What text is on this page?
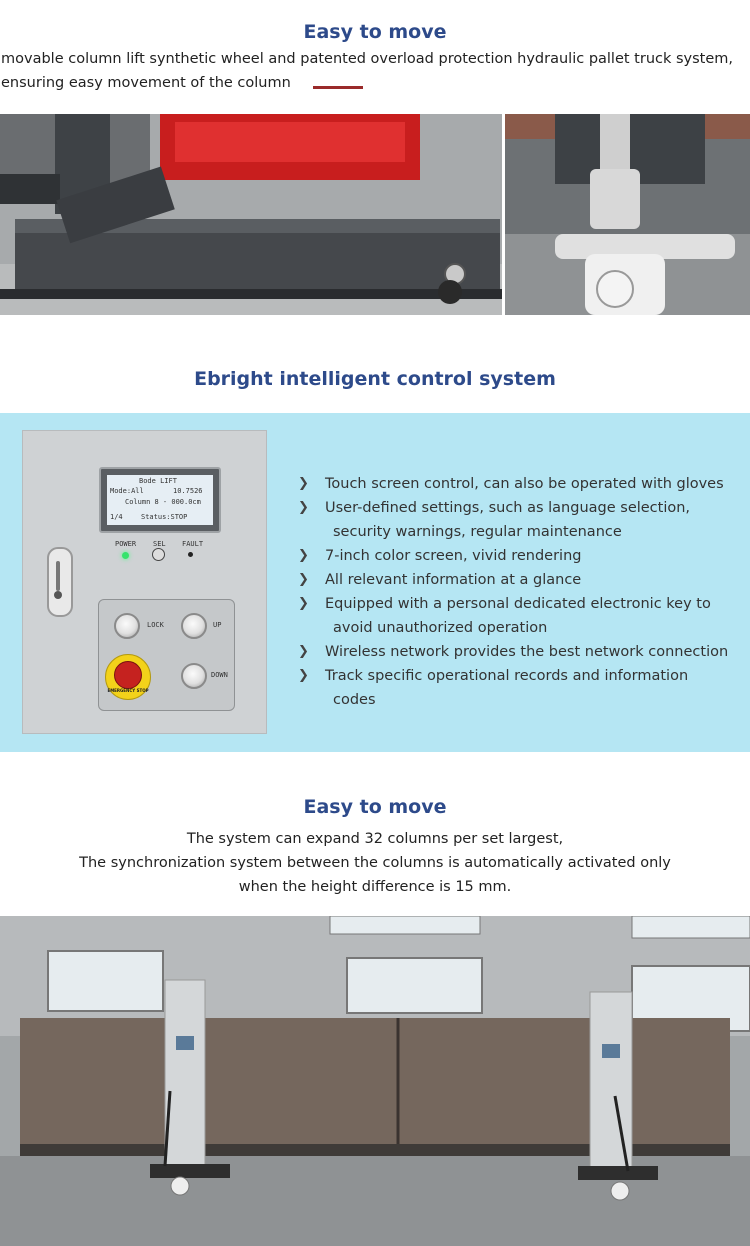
Easy to move
movable column lift synthetic wheel and patented overload protection hydraulic pallet truck system,
ensuring easy movement of the column
Ebright intelligent control system
Bode LIFT
Mode:All	10.7526
Column 8 - 000.0cm
1/4	Status:STOP
POWER SEL FAULT
LOCK	UP
EMERGENCY STOP
DOWN
❯ Touch screen control, can also be operated with gloves
❯ User-defined settings, such as language selection,
security warnings, regular maintenance
❯ 7-inch color screen, vivid rendering
❯ All relevant information at a glance
❯ Equipped with a personal dedicated electronic key to
avoid unauthorized operation
❯ Wireless network provides the best network connection
❯ Track specific operational records and information
codes
Easy to move
The system can expand 32 columns per set largest,
The synchronization system between the columns is automatically activated only
when the height difference is 15 mm.
